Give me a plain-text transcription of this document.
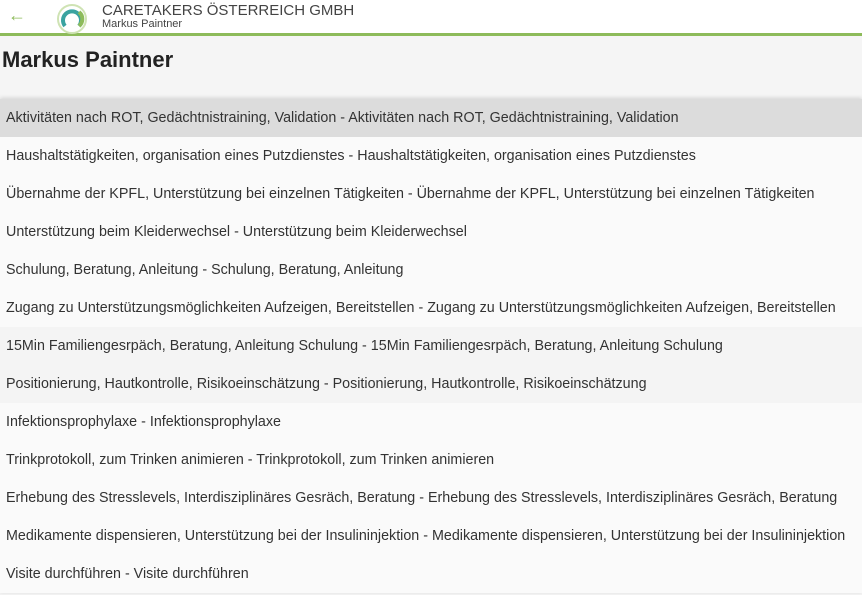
←	CARETAKERS ÖSTERREICH GMBH
Markus Paintner
Markus Paintner
Aktivitäten nach ROT, Gedächtnistraining, Validation - Aktivitäten nach ROT, Gedächtnistraining, Validation
Haushaltstätigkeiten, organisation eines Putzdienstes - Haushaltstätigkeiten, organisation eines Putzdienstes
Übernahme der KPFL, Unterstützung bei einzelnen Tätigkeiten - Übernahme der KPFL, Unterstützung bei einzelnen Tätigkeiten
Unterstützung beim Kleiderwechsel - Unterstützung beim Kleiderwechsel
Schulung, Beratung, Anleitung - Schulung, Beratung, Anleitung
Zugang zu Unterstützungsmöglichkeiten Aufzeigen, Bereitstellen - Zugang zu Unterstützungsmöglichkeiten Aufzeigen, Bereitstellen
15Min Familiengesrpäch, Beratung, Anleitung Schulung - 15Min Familiengesrpäch, Beratung, Anleitung Schulung
Positionierung, Hautkontrolle, Risikoeinschätzung - Positionierung, Hautkontrolle, Risikoeinschätzung
Infektionsprophylaxe - Infektionsprophylaxe
Trinkprotokoll, zum Trinken animieren - Trinkprotokoll, zum Trinken animieren
Erhebung des Stresslevels, Interdisziplinäres Gesräch, Beratung - Erhebung des Stresslevels, Interdisziplinäres Gesräch, Beratung
Medikamente dispensieren, Unterstützung bei der Insulininjektion - Medikamente dispensieren, Unterstützung bei der Insulininjektion
Visite durchführen - Visite durchführen
